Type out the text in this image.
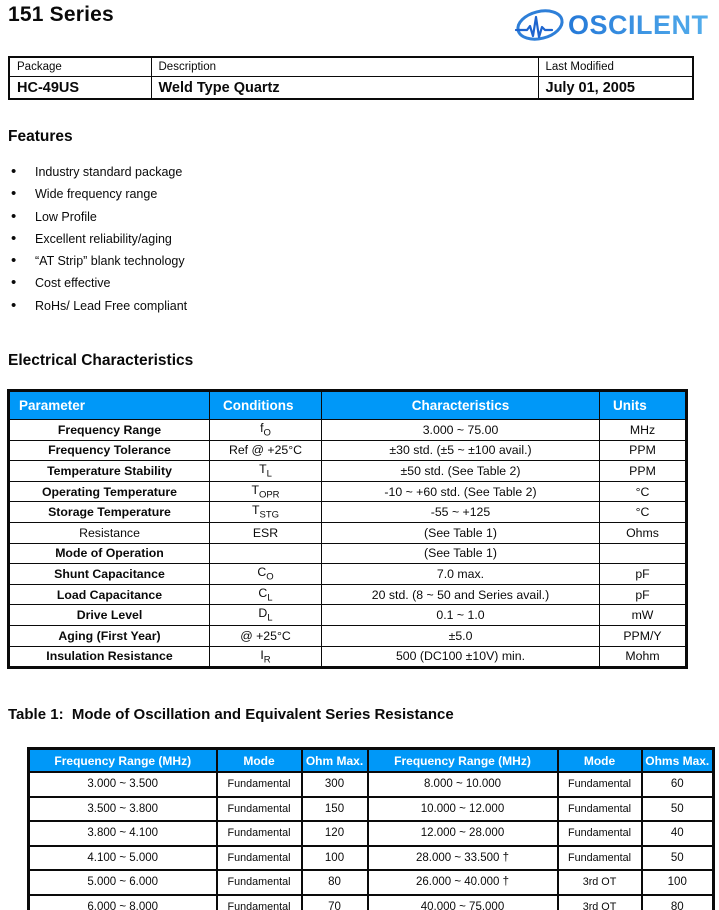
151 Series	OSCILENT
Package	Description	Last Modified
HC-49US	Weld Type Quartz	July 01, 2005
Features
• Industry standard package
• Wide frequency range
• Low Profile
• Excellent reliability/aging
• “AT Strip” blank technology
• Cost effective
• RoHs/ Lead Free compliant
Electrical Characteristics
Parameter	Conditions	Characteristics	Units
Frequency Range	$f_O$	3.000 ~ 75.00	MHz
Frequency Tolerance	Ref @ +25°C	±30 std. (±5 ~ ±100 avail.)	PPM
Temperature Stability	$T_L$	±50 std. (See Table 2)	PPM
Operating Temperature	$T_{OPR}$	-10 ~ +60 std. (See Table 2)	°C
Storage Temperature	$T_{STG}$	-55 ~ +125	°C
Resistance	ESR	(See Table 1)	Ohms
Mode of Operation		(See Table 1)	
Shunt Capacitance	$C_O$	7.0 max.	pF
Load Capacitance	$C_L$	20 std. (8 ~ 50 and Series avail.)	pF
Drive Level	$D_L$	0.1 ~ 1.0	mW
Aging (First Year)	@ +25°C	±5.0	PPM/Y
Insulation Resistance	$I_R$	500 (DC100 ±10V) min.	Mohm
Table 1:  Mode of Oscillation and Equivalent Series Resistance
Frequency Range (MHz)	Mode	Ohm Max.	Frequency Range (MHz)	Mode	Ohms Max.
3.000 ~ 3.500	Fundamental	300	8.000 ~ 10.000	Fundamental	60
3.500 ~ 3.800	Fundamental	150	10.000 ~ 12.000	Fundamental	50
3.800 ~ 4.100	Fundamental	120	12.000 ~ 28.000	Fundamental	40
4.100 ~ 5.000	Fundamental	100	28.000 ~ 33.500 †	Fundamental	50
5.000 ~ 6.000	Fundamental	80	26.000 ~ 40.000 †	3rd OT	100
6.000 ~ 8.000	Fundamental	70	40.000 ~ 75.000	3rd OT	80
